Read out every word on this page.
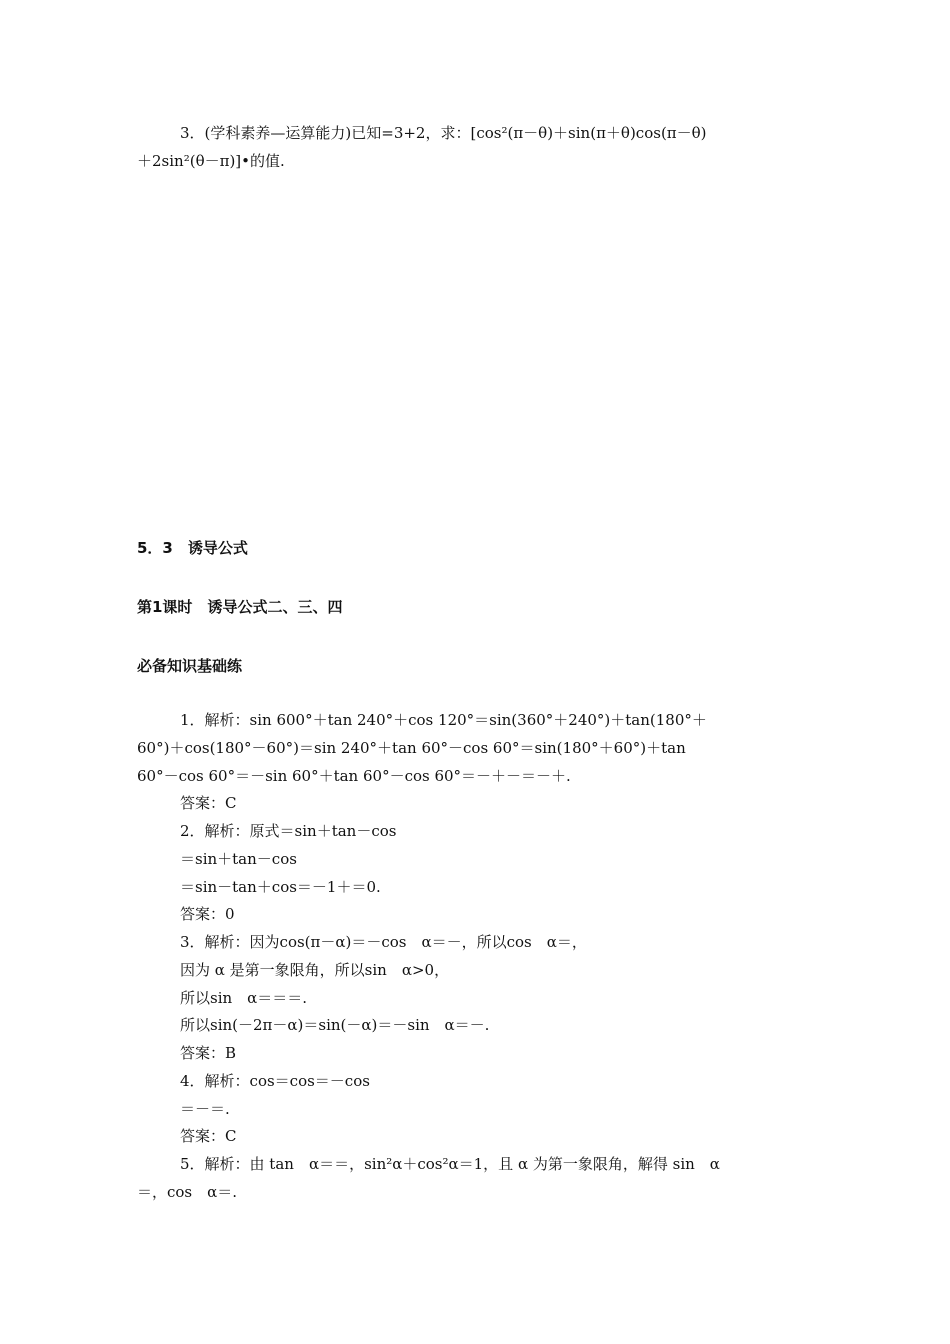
3．(学科素养—运算能力)已知=3+2，求：[cos²(π－θ)＋sin(π＋θ)cos(π－θ)
＋2sin²(θ－π)]•的值.
5．3　诱导公式
第1课时　诱导公式二、三、四
必备知识基础练
1．解析：sin 600°＋tan 240°＋cos 120°＝sin(360°＋240°)＋tan(180°＋
60°)＋cos(180°－60°)＝sin 240°＋tan 60°－cos 60°＝sin(180°＋60°)＋tan
60°－cos 60°＝－sin 60°＋tan 60°－cos 60°＝－＋－＝－＋.
答案：C
2．解析：原式＝sin＋tan－cos
＝sin＋tan－cos
＝sin－tan＋cos＝－1＋＝0.
答案：0
3．解析：因为cos(π－α)＝－cos　α＝－，所以cos　α＝，
因为 α 是第一象限角，所以sin　α>0，
所以sin　α＝＝＝.
所以sin(－2π－α)＝sin(－α)＝－sin　α＝－.
答案：B
4．解析：cos＝cos＝－cos
＝－＝.
答案：C
5．解析：由 tan　α＝＝，sin²α＋cos²α＝1，且 α 为第一象限角，解得 sin　α
＝，cos　α＝.
